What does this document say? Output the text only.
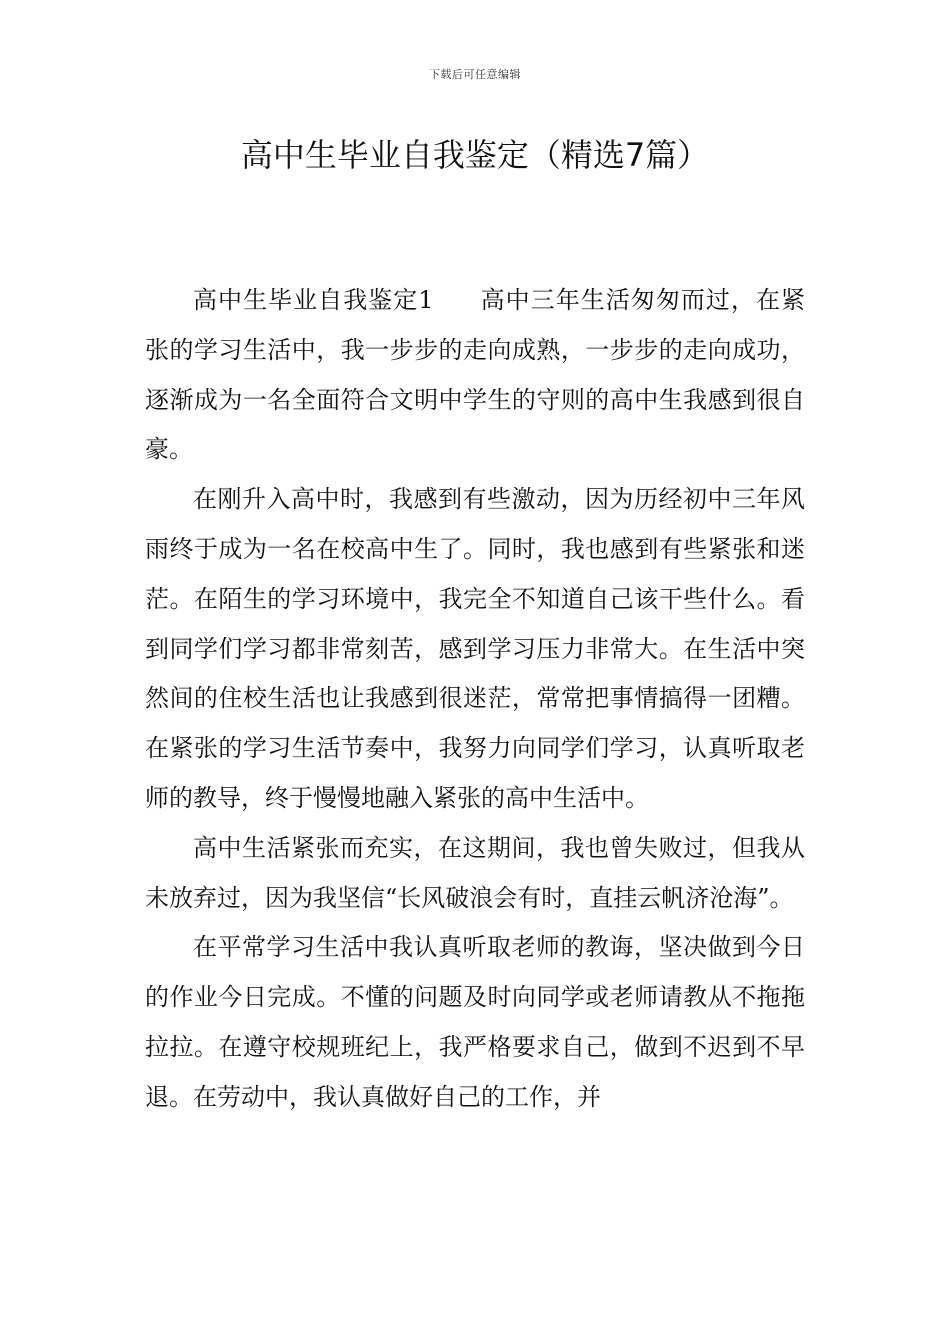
下载后可任意编辑
高中生毕业自我鉴定（精选7篇）

高中生毕业自我鉴定1 高中三年生活匆匆而过，在紧张的学习生活中，我一步步的走向成熟，一步步的走向成功，逐渐成为一名全面符合文明中学生的守则的高中生我感到很自豪。

在刚升入高中时，我感到有些激动，因为历经初中三年风雨终于成为一名在校高中生了。同时，我也感到有些紧张和迷茫。在陌生的学习环境中，我完全不知道自己该干些什么。看到同学们学习都非常刻苦，感到学习压力非常大。在生活中突然间的住校生活也让我感到很迷茫，常常把事情搞得一团糟。在紧张的学习生活节奏中，我努力向同学们学习，认真听取老师的教导，终于慢慢地融入紧张的高中生活中。

高中生活紧张而充实，在这期间，我也曾失败过，但我从未放弃过，因为我坚信“长风破浪会有时，直挂云帆济沧海”。

在平常学习生活中我认真听取老师的教诲，坚决做到今日的作业今日完成。不懂的问题及时向同学或老师请教从不拖拖拉拉。在遵守校规班纪上，我严格要求自己，做到不迟到不早退。在劳动中，我认真做好自己的工作，并
